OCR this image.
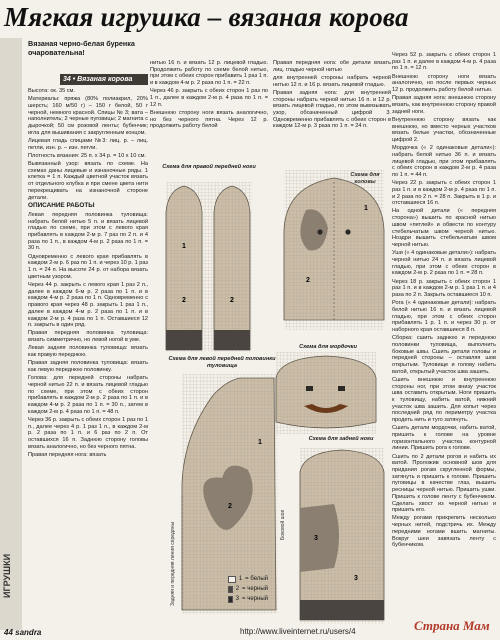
Мягкая игрушка – вязаная корова
ИГРУШКИ
Вязаная черно-белая буренка очаровательна!
34 • Вязаная корова

Высота: ок. 35 см.

Материалы: пряжа (80% полиакрил, 20% шерсть; 160 м/50 г) – 150 г белой, 50 г черной, немного красной. Спицы № 3; вата – наполнитель; 2 черные пуговицы; 2 магнита с дырочкой; 50 см розовой ленты; бубенчик; игла для вышивания с закругленным концом.

Лицевая гладь спицами №3: лиц. р. – лиц. петли, изн. р. – изн. петли.

Плотность вязания: 25 п. х 34 р. = 10 х 10 см.

Вывязанный узор: вязать по схеме. На схемах даны лицевые и изнаночные ряды. 1 клетка = 1 п. Каждый цветной участок вязать от отдельного клубка и при смене цвета нити перекрещивать на изнаночной стороне детали.

ОПИСАНИЕ РАБОТЫ

Левая передняя половинка туловища: набрать белой нитью 5 п. и вязать лицевой гладью по схеме, при этом с левого края прибавлять в каждом 2-м р. 7 раз по 2 п. и 4 раза по 1 п., в каждом 4-м р. 2 раза по 1 п. = 30 п.

Одновременно с левого края прибавлять в каждом 2-м р. 6 раз по 1 п. и через 10 р. 1 раз 1 п. = 24 п. На высоте 24 р. от набора вязать цветным узором.

Через 44 р. закрыть с левого края 1 раз 2 п., далее в каждом 6-м р. 2 раза по 1 п. и в каждом 4-м р. 2 раза по 1 п. Одновременно с правого края через 48 р. закрыть 1 раз 1 п., далее в каждом 4-м р. 2 раза по 1 п. и в каждом 2-м р. 4 раза по 1 п. Оставшиеся 12 п. закрыть в один ряд.

Правая передняя половинка туловища: вязать симметрично, но левой ногой в уме.

Левая задняя половинка туловища: вязать как правую переднюю.

Правая задняя половинка туловища: вязать как левую переднюю половинку.

Голова: для передней стороны набрать черной нитью 22 п. и вязать лицевой гладью по схеме, при этом с обеих сторон прибавлять в каждом 2-м р. 2 раза по 1 п. и в каждом 4-м р. 2 раза по 1 п. = 30 п., затем в каждом 2-м р. 4 раза по 1 п. = 48 п.

Через 36 р. закрыть с обеих сторон 1 раз по 1 п., далее через 4 р. 1 раз 1 п., в каждом 2-м р. 2 раза по 1 п. и 6 раз по 2 п. От оставшихся 16 п. Заднюю сторону головы вязать аналогично, но без черного пятна.

Правая передняя нога: вязать

нитью 16 п. и вязать 12 р. лицевой гладью. Продолжить работу по схеме белой нитью, при этом с обеих сторон прибавить 1 раз 1 п. и в каждом 4-м р. 2 раза по 1 п. = 22 п.

Через 46 р. закрыть с обеих сторон 1 раз по 1 п., далее в каждом 2-м р. 4 раза по 1 п. = 12 п.

Внешнюю сторону ноги вязать аналогично, но без черного пятна. Через 12 р. продолжить работу белой

Правая передняя нога: обе детали вязать лиц. гладью черной нитью

для внутренней стороны набрать черной нитью 12 п. и 16 р. вязать лицевой гладью.

Правая задняя нога: для внутренней стороны набрать черной нитью 16 п. и 12 р. вязать лицевой гладью, по этом вывязывать узор, обозначенный цифрой 3. Одновременно прибавлять с обеих сторон в каждом 12-м р. 3 раза по 1 п. = 24 п.

Через 52 р. закрыть с обеих сторон 1 раз 1 п. и далее в каждом 4-м р. 4 раза по 1 п. = 12 п.

Внешнюю сторону ноги вязать аналогично, но после первых черных 12 р. продолжить работу белой нитью.

Правая задняя нога: внешнюю сторону вязать, как внутреннюю сторону правой задней ноги.

Внутреннюю сторону вязать как внешнюю, но вместо черных участков вязать белые участки, обозначенные цифрой 2.

Мордочка (« 2 одинаковые детали»): набрать белой нитью 36 п. и вязать лицевой гладью, при этом прибавлять с обеих сторон в каждом 2-м р. 4 раза по 1 п. = 44 п.

Через 22 р. закрыть с обеих сторон 1 раз 1 п. и в каждом 2-м р. 4 раза по 1 п. и 2 раза по 2 п. = 28 п. Закрыть в 1 р. и отставшиеся 16 п.

На одной детали (« передняя сторона») вышить по красной нитью швом «петлей» и обвести по контуру стебельчатым швом черной нитью. Ноздри вышить стебельчатым швом черной нитью.

Уши (« 4 одинаковые детали»): набрать черной нитью 24 п. и вязать лицевой гладью, при этом с обеих сторон в каждом 2-м р. 2 раза по 1 п. = 28 п.

Через 18 р. закрыть с обеих сторон 1 раз 1 п. и в каждом 2-м р. 1 раз 1 п. и 4 раза по 2 п. Закрыть оставшиеся 10 п.

Рога (« 4 одинаковые детали): набрать белой нитью 16 п. и вязать лицевой гладью, при этом с обеих сторон прибавлять 1 р. 1 п. и через 30 р. от наборного края оставшиеся 8 п.

Сборка: сшить заднюю и переднюю половинки туловища, выполнить боковые швы. Сшить детали головы и передней стороны – оставляя шов открытым. Туловище и голову набить ватой, открытый участок шва зашить.

Сшить внешнюю и внутреннюю стороны ног, при этом внизу участок шва оставить открытым. Ноги пришить к туловищу, набить ватой, нижний участок шва зашить. Для копыт через последний ряд по периметру участка продеть нить и туго затянуть.

Сшить детали мордочки, набить ватой, пришить к голове на уровне горизонтального участка контурной линии. Пришить рога к голове.

Сшить по 2 детали рогов и набить их ватой. Проложив основной шов для придания рогам скругленной формы, затянуть и пришить к голове. Пришить пуговицы в качестве глаз, вышить ресницы черной нитью. Пришить ушки. Пришить к голове ленту с бубенчиком. Сделать хвост из черной нитью и пришить его.

Между рогами прикрепить несколько черных нитей, подстричь их. Между передними ногами вшить магниты. Вокруг шеи завязать ленту с бубенчиком.

Схема для правой передней ноги
Схема для мордочки
Схема для левой передней половинки туловища
Схема для задней ноги
1
2	2
1
2
1
2
3
3
Задняя и передняя линия середины	Боковой шов
1 = белый
2 = черный
3 = черный
44 sandra	http://www.liveinternet.ru/users/4	Страна Мам
